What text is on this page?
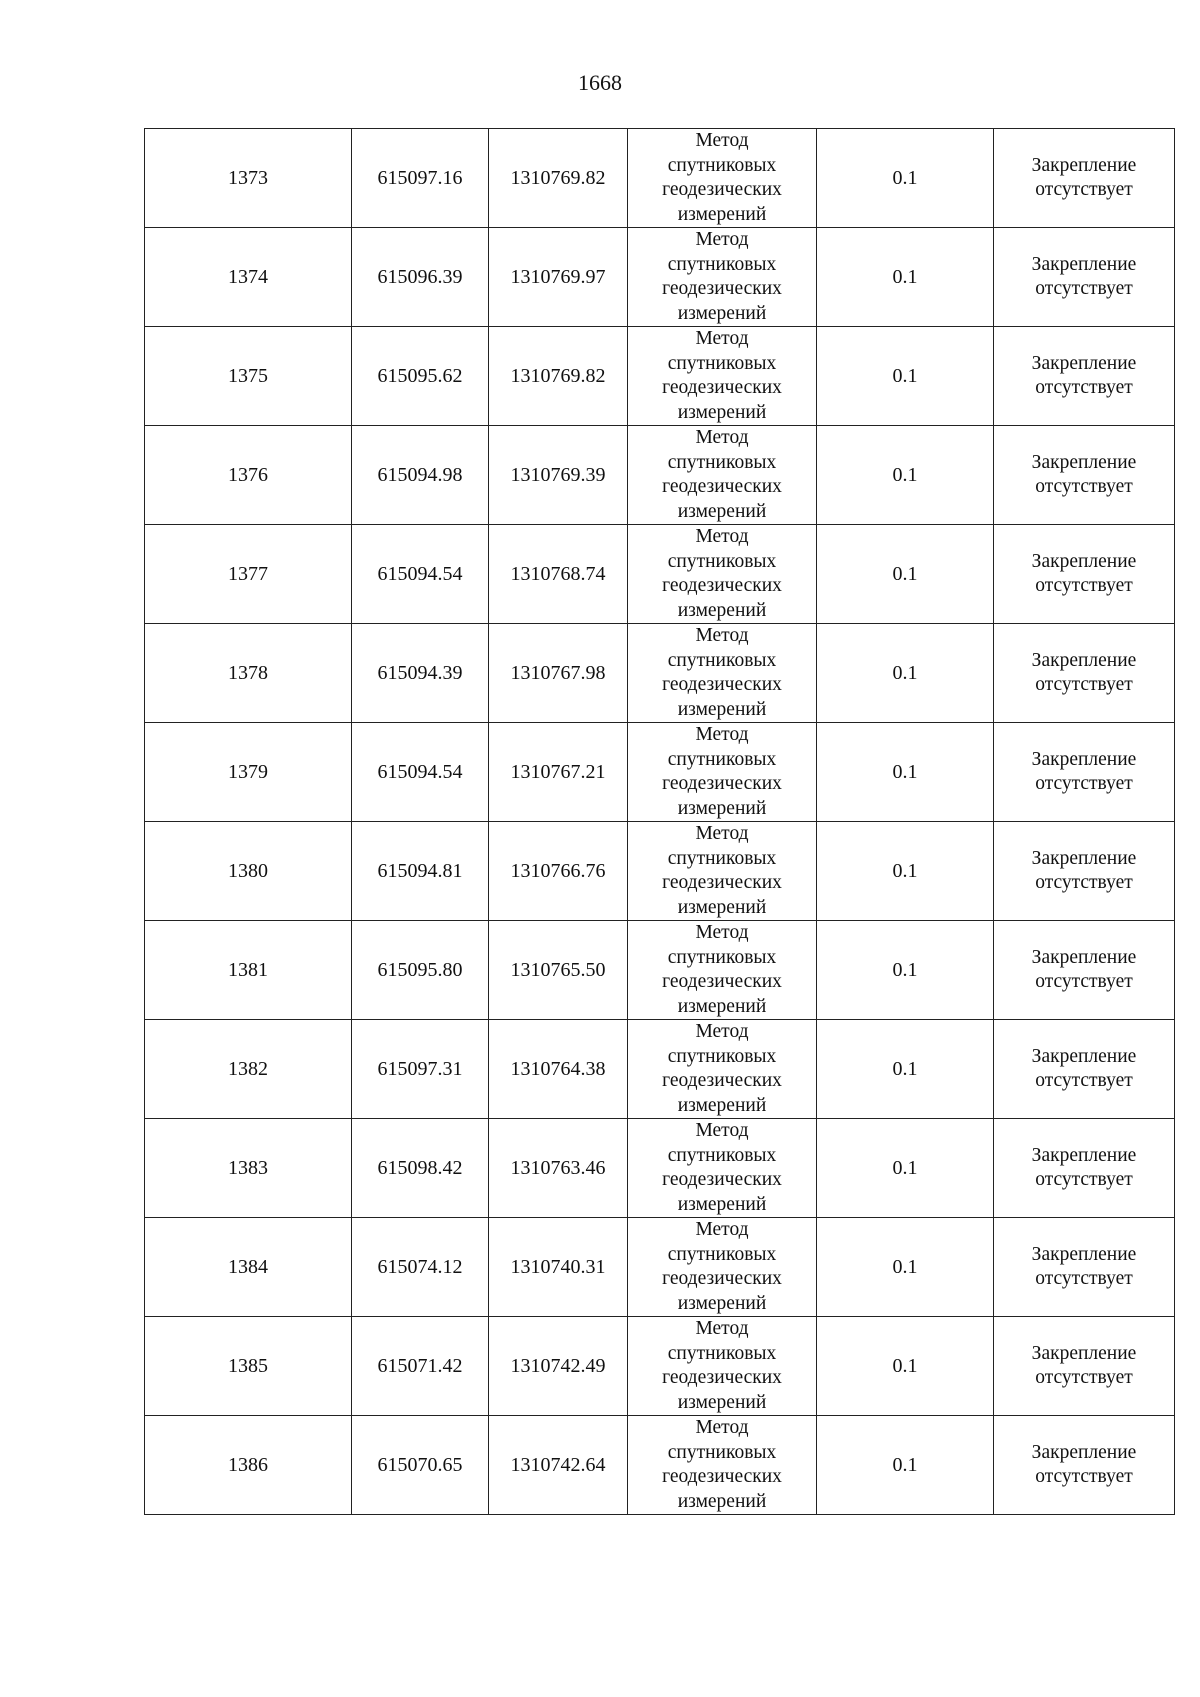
1668
1373	615097.16	1310769.82	Метод
спутниковых
геодезических
измерений	0.1	Закрепление
отсутствует

1374	615096.39	1310769.97	Метод
спутниковых
геодезических
измерений	0.1	Закрепление
отсутствует

1375	615095.62	1310769.82	Метод
спутниковых
геодезических
измерений	0.1	Закрепление
отсутствует

1376	615094.98	1310769.39	Метод
спутниковых
геодезических
измерений	0.1	Закрепление
отсутствует

1377	615094.54	1310768.74	Метод
спутниковых
геодезических
измерений	0.1	Закрепление
отсутствует

1378	615094.39	1310767.98	Метод
спутниковых
геодезических
измерений	0.1	Закрепление
отсутствует

1379	615094.54	1310767.21	Метод
спутниковых
геодезических
измерений	0.1	Закрепление
отсутствует

1380	615094.81	1310766.76	Метод
спутниковых
геодезических
измерений	0.1	Закрепление
отсутствует

1381	615095.80	1310765.50	Метод
спутниковых
геодезических
измерений	0.1	Закрепление
отсутствует

1382	615097.31	1310764.38	Метод
спутниковых
геодезических
измерений	0.1	Закрепление
отсутствует

1383	615098.42	1310763.46	Метод
спутниковых
геодезических
измерений	0.1	Закрепление
отсутствует

1384	615074.12	1310740.31	Метод
спутниковых
геодезических
измерений	0.1	Закрепление
отсутствует

1385	615071.42	1310742.49	Метод
спутниковых
геодезических
измерений	0.1	Закрепление
отсутствует

1386	615070.65	1310742.64	Метод
спутниковых
геодезических
измерений	0.1	Закрепление
отсутствует
